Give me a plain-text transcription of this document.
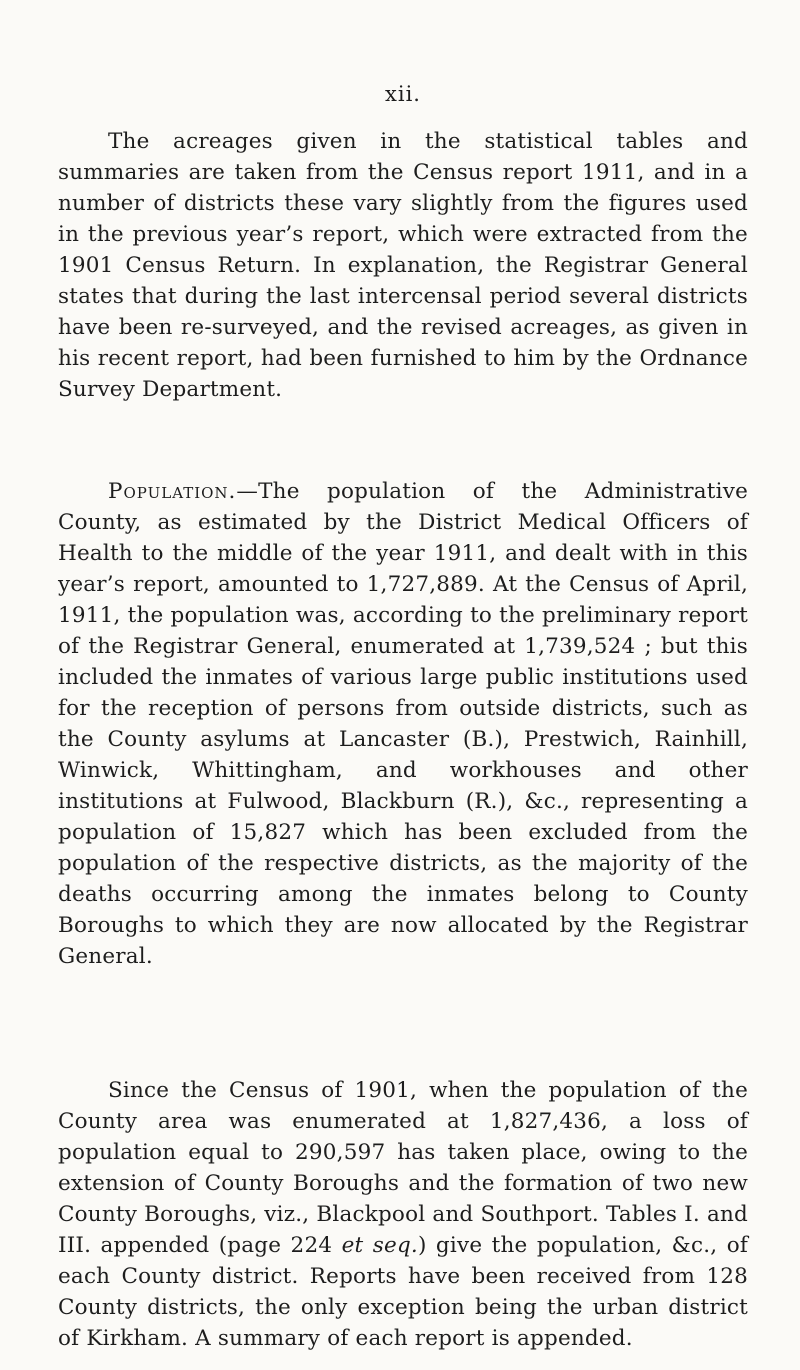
xii.

The acreages given in the statistical tables and summaries are taken from the Census report 1911, and in a number of districts these vary slightly from the figures used in the previous year’s report, which were extracted from the 1901 Census Return. In explanation, the Registrar General states that during the last intercensal period several districts have been re-surveyed, and the revised acreages, as given in his recent report, had been furnished to him by the Ordnance Survey Department.

Population.—The population of the Administrative County, as estimated by the District Medical Officers of Health to the middle of the year 1911, and dealt with in this year’s report, amounted to 1,727,889. At the Census of April, 1911, the population was, according to the preliminary report of the Registrar General, enumerated at 1,739,524 ; but this included the inmates of various large public institutions used for the reception of persons from outside districts, such as the County asylums at Lancaster (B.), Prestwich, Rainhill, Winwick, Whittingham, and workhouses and other institutions at Fulwood, Blackburn (R.), &c., representing a population of 15,827 which has been excluded from the population of the respective districts, as the majority of the deaths occurring among the inmates belong to County Boroughs to which they are now allocated by the Registrar General.

Since the Census of 1901, when the population of the County area was enumerated at 1,827,436, a loss of population equal to 290,597 has taken place, owing to the extension of County Boroughs and the formation of two new County Boroughs, viz., Blackpool and Southport. Tables I. and III. appended (page 224 et seq.) give the population, &c., of each County district. Reports have been received from 128 County districts, the only exception being the urban district of Kirkham. A summary of each report is appended.
